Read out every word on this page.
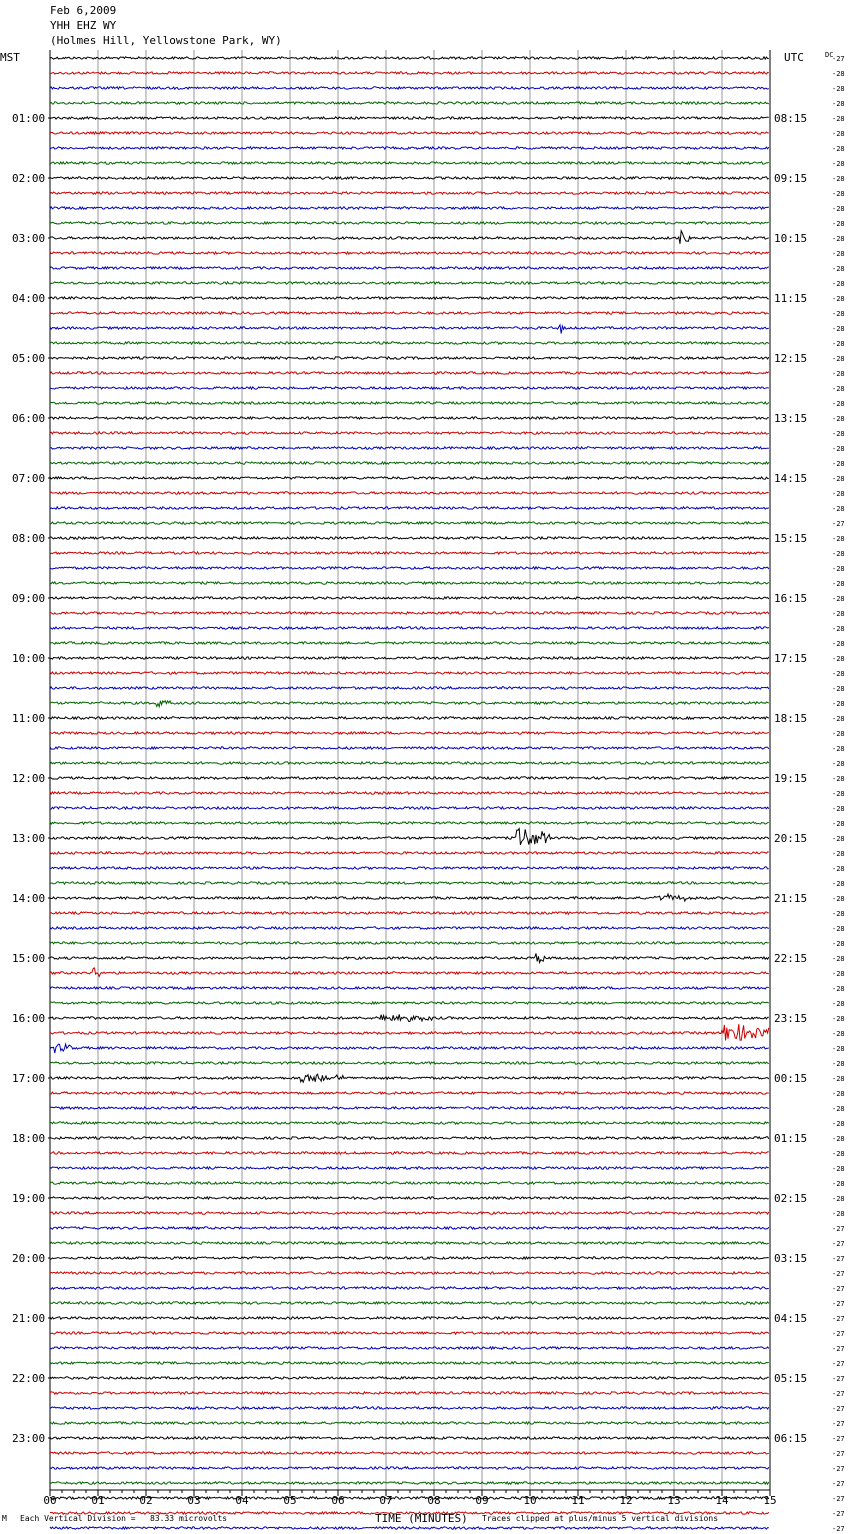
Feb 6,2009
YHH EHZ WY
(Holmes Hill, Yellowstone Park, WY)
MST	UTC	DC
00	01	02	03	04	05	06	07	08	09	10	11	12	13	14	15
-27
-28
-28
-28
-28
01:00	08:15
-28
-28
-28
-28
02:00	09:15
-28
-28
-28
-28
03:00	10:15
-28
-28
-28
-28
04:00	11:15
-28
-28
-28
-28
05:00	12:15
-28
-28
-28
-28
06:00	13:15
-28
-28
-28
-28
07:00	14:15
-28
-28
-27
-28
08:00	15:15
-28
-28
-28
-28
09:00	16:15
-28
-28
-28
-28
10:00	17:15
-28
-28
-28
-28
11:00	18:15
-28
-28
-28
-28
12:00	19:15
-28
-28
-28
-28
13:00	20:15
-28
-28
-28
-28
14:00	21:15
-28
-28
-28
-28
15:00	22:15
-28
-28
-28
-28
16:00	23:15
-28
-28
-28
-28
17:00	00:15
-28
-28
-28
-28
18:00	01:15
-28
-28
-28
-28
19:00	02:15
-28
-27
-27
-27
20:00	03:15
-27
-27
-27
-27
21:00	04:15
-27
-27
-27
-27
22:00	05:15
-27
-27
-27
-27
23:00	06:15
-27
-27
-27
-27
-27
-27
TIME (MINUTES)
M Each Vertical Division =   83.33 microvolts	Traces clipped at plus/minus 5 vertical divisions
